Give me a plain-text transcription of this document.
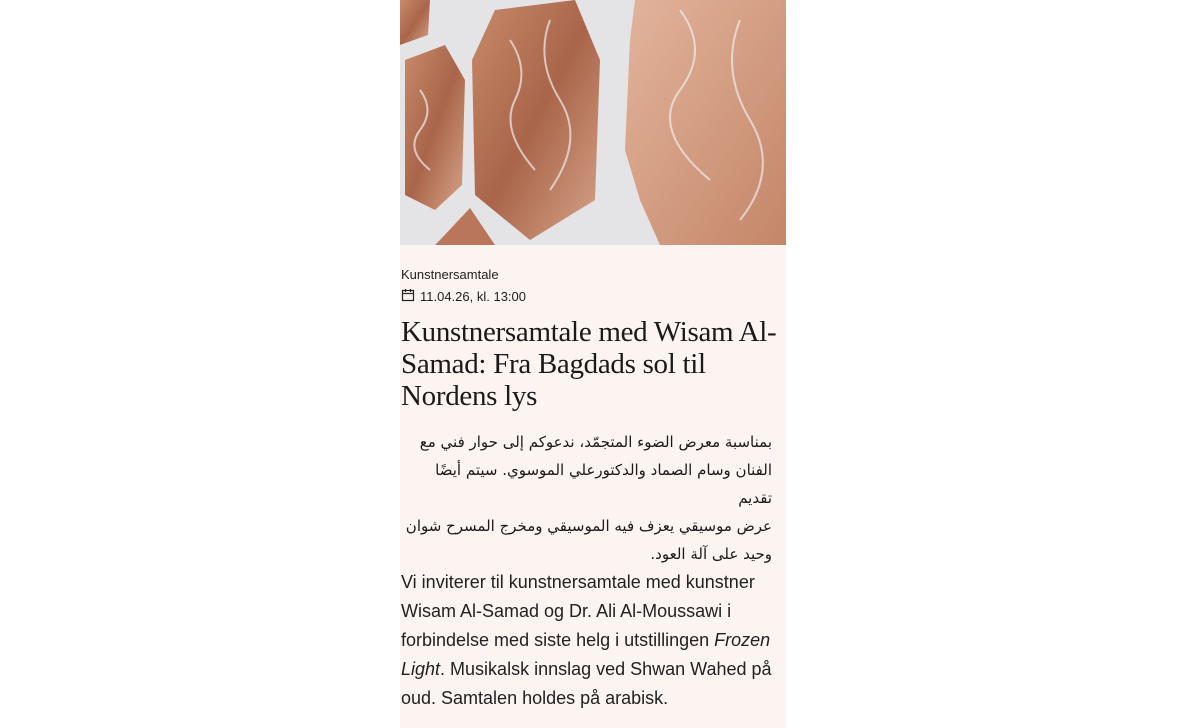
Kunstnersamtale
11.04.26, kl. 13:00
Kunstnersamtale med Wisam Al-Samad: Fra Bagdads sol til Nordens lys
بمناسبة معرض الضوء المتجمّد، ندعوكم إلى حوار فني مع
الفنان وسام الصماد والدكتورعلي الموسوي. سيتم أيضًا تقديم
عرض موسيقي يعزف فيه الموسيقي ومخرج المسرح شوان
وحيد على آلة العود.
Vi inviterer til kunstnersamtale med kunstner Wisam Al-Samad og Dr. Ali Al-Moussawi i forbindelse med siste helg i utstillingen Frozen Light. Musikalsk innslag ved Shwan Wahed på oud. Samtalen holdes på arabisk.
